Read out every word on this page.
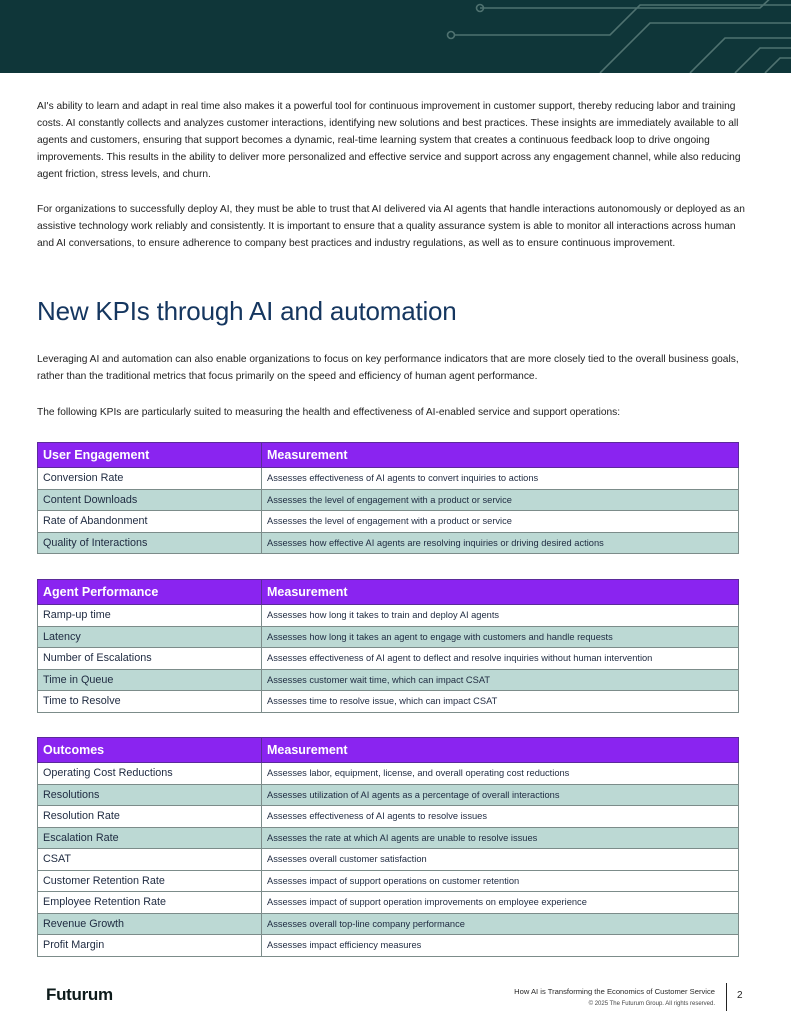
AI's ability to learn and adapt in real time also makes it a powerful tool for continuous improvement in customer support, thereby reducing labor and training costs. AI constantly collects and analyzes customer interactions, identifying new solutions and best practices. These insights are immediately available to all agents and customers, ensuring that support becomes a dynamic, real-time learning system that creates a continuous feedback loop to drive ongoing improvements. This results in the ability to deliver more personalized and effective service and support across any engagement channel, while also reducing agent friction, stress levels, and churn.

For organizations to successfully deploy AI, they must be able to trust that AI delivered via AI agents that handle interactions autonomously or deployed as an assistive technology work reliably and consistently. It is important to ensure that a quality assurance system is able to monitor all interactions across human and AI conversations, to ensure adherence to company best practices and industry regulations, as well as to ensure continuous improvement.

New KPIs through AI and automation

Leveraging AI and automation can also enable organizations to focus on key performance indicators that are more closely tied to the overall business goals, rather than the traditional metrics that focus primarily on the speed and efficiency of human agent performance.

The following KPIs are particularly suited to measuring the health and effectiveness of AI-enabled service and support operations:

User Engagement	Measurement
Conversion Rate	Assesses effectiveness of AI agents to convert inquiries to actions
Content Downloads	Assesses the level of engagement with a product or service
Rate of Abandonment	Assesses the level of engagement with a product or service
Quality of Interactions	Assesses how effective AI agents are resolving inquiries or driving desired actions
Agent Performance	Measurement
Ramp-up time	Assesses how long it takes to train and deploy AI agents
Latency	Assesses how long it takes an agent to engage with customers and handle requests
Number of Escalations	Assesses effectiveness of AI agent to deflect and resolve inquiries without human intervention
Time in Queue	Assesses customer wait time, which can impact CSAT
Time to Resolve	Assesses time to resolve issue, which can impact CSAT
Outcomes	Measurement
Operating Cost Reductions	Assesses labor, equipment, license, and overall operating cost reductions
Resolutions	Assesses utilization of AI agents as a percentage of overall interactions
Resolution Rate	Assesses effectiveness of AI agents to resolve issues
Escalation Rate	Assesses the rate at which AI agents are unable to resolve issues
CSAT	Assesses overall customer satisfaction
Customer Retention Rate	Assesses impact of support operations on customer retention
Employee Retention Rate	Assesses impact of support operation improvements on employee experience
Revenue Growth	Assesses overall top-line company performance
Profit Margin	Assesses impact efficiency measures
Futurum	How AI is Transforming the Economics of Customer Service
© 2025 The Futurum Group. All rights reserved.
2
